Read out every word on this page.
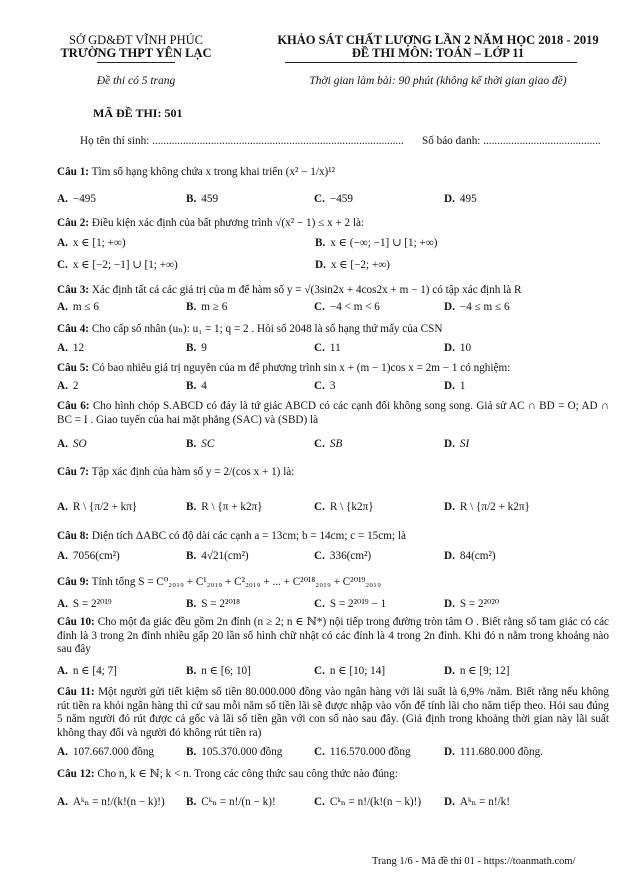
SỞ GD&ĐT VĨNH PHÚC
TRƯỜNG THPT YÊN LẠC
Đề thi có 5 trang
KHẢO SÁT CHẤT LƯỢNG LẦN 2 NĂM HỌC 2018 - 2019
ĐỀ THI MÔN: TOÁN – LỚP 11
Thời gian làm bài: 90 phút (không kể thời gian giao đề)
MÃ ĐỀ THI: 501
Họ tên thí sinh: .......................................................................................... Số báo danh: ..........................................
Câu 1: Tìm số hạng không chứa x trong khai triển (x² − 1/x)¹²
A. −495	B. 459	C. −459	D. 495
Câu 2: Điều kiện xác định của bất phương trình √(x² − 1) ≤ x + 2 là:
A. x ∈ [1; +∞)	B. x ∈ (−∞; −1] ∪ [1; +∞)
C. x ∈ [−2; −1] ∪ [1; +∞)	D. x ∈ [−2; +∞)
Câu 3: Xác định tất cả các giá trị của m để hàm số y = √(3sin2x + 4cos2x + m − 1) có tập xác định là R
A. m ≤ 6	B. m ≥ 6	C. −4 < m < 6	D. −4 ≤ m ≤ 6
Câu 4: Cho cấp số nhân (uₙ): u₁ = 1; q = 2 . Hỏi số 2048 là số hạng thứ mấy của CSN
A. 12	B. 9	C. 11	D. 10
Câu 5: Có bao nhiêu giá trị nguyên của m để phương trình sin x + (m − 1)cos x = 2m − 1 có nghiệm:
A. 2	B. 4	C. 3	D. 1
Câu 6: Cho hình chóp S.ABCD có đáy là tứ giác ABCD có các cạnh đối không song song. Giả sử AC ∩ BD = O; AD ∩ BC = I . Giao tuyến của hai mặt phẳng (SAC) và (SBD) là
A. SO	B. SC	C. SB	D. SI
Câu 7: Tập xác định của hàm số y = 2/(cos x + 1) là:
A. R \ {π/2 + kπ}	B. R \ {π + k2π}	C. R \ {k2π}	D. R \ {π/2 + k2π}
Câu 8: Diện tích ΔABC có độ dài các cạnh a = 13cm; b = 14cm; c = 15cm; là
A. 7056(cm²)	B. 4√21(cm²)	C. 336(cm²)	D. 84(cm²)
Câu 9: Tính tổng S = C⁰₂₀₁₉ + C¹₂₀₁₉ + C²₂₀₁₉ + ... + C²⁰¹⁸₂₀₁₉ + C²⁰¹⁹₂₀₁₉
A. S = 2²⁰¹⁹	B. S = 2²⁰¹⁸	C. S = 2²⁰¹⁹ − 1	D. S = 2²⁰²⁰
Câu 10: Cho một đa giác đều gồm 2n đỉnh (n ≥ 2; n ∈ ℕ*) nội tiếp trong đường tròn tâm O . Biết rằng số tam giác có các đỉnh là 3 trong 2n đỉnh nhiều gấp 20 lần số hình chữ nhật có các đỉnh là 4 trong 2n đỉnh. Khi đó n nằm trong khoảng nào sau đây
A. n ∈ [4; 7]	B. n ∈ [6; 10]	C. n ∈ [10; 14]	D. n ∈ [9; 12]
Câu 11: Một người gửi tiết kiệm số tiền 80.000.000 đồng vào ngân hàng với lãi suất là 6,9% /năm. Biết rằng nếu không rút tiền ra khỏi ngân hàng thì cứ sau mỗi năm số tiền lãi sẽ được nhập vào vốn để tính lãi cho năm tiếp theo. Hỏi sau đúng 5 năm người đó rút được cả gốc và lãi số tiền gần với con số nào sau đây. (Giả định trong khoảng thời gian này lãi suất không thay đổi và người đó không rút tiền ra)
A. 107.667.000 đồng	B. 105.370.000 đồng	C. 116.570.000 đồng	D. 111.680.000 đồng.
Câu 12: Cho n, k ∈ ℕ; k < n. Trong các công thức sau công thức nào đúng:
A. Aᵏₙ = n!/(k!(n − k)!) B. Cᵏₙ = n!/(n − k)!	C. Cᵏₙ = n!/(k!(n − k)!) D. Aᵏₙ = n!/k!
Trang 1/6 - Mã đề thi 01 - https://toanmath.com/
